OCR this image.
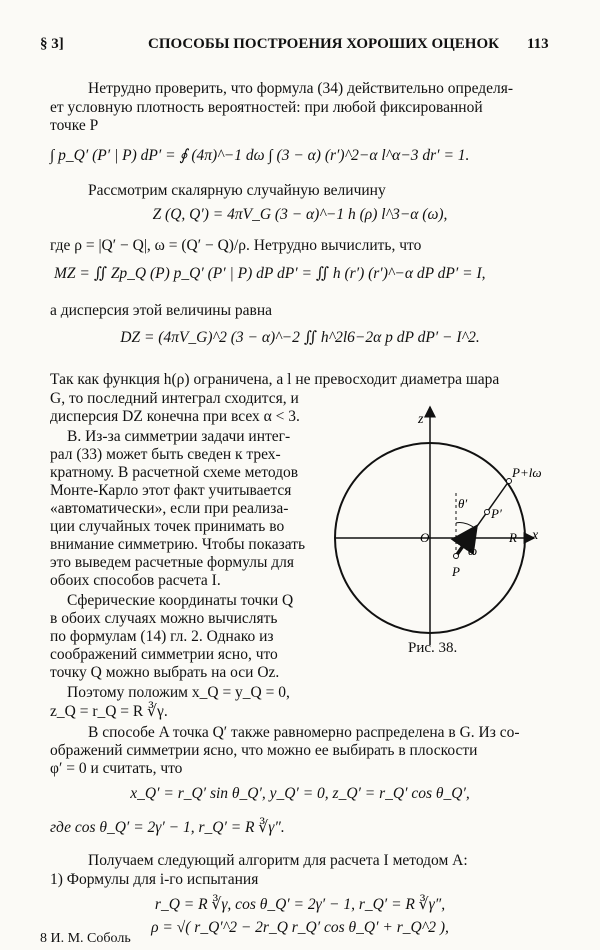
§ 3]	СПОСОБЫ ПОСТРОЕНИЯ ХОРОШИХ ОЦЕНОК 113
Нетрудно проверить, что формула (34) действительно определя-
ет условную плотность вероятностей: при любой фиксированной
точке P
∫ p_Q′ (P′ | P) dP′ = ∮ (4π)^−1 dω ∫ (3 − α) (r′)^2−α l^α−3 dr′ = 1.
Рассмотрим скалярную случайную величину
Z (Q, Q′) = 4πV_G (3 − α)^−1 h (ρ) l^3−α (ω),
где ρ = |Q′ − Q|, ω = (Q′ − Q)/ρ. Нетрудно вычислить, что
MZ = ∬ Zp_Q (P) p_Q′ (P′ | P) dP dP′ = ∬ h (r′) (r′)^−α dP dP′ = I,
а дисперсия этой величины равна
DZ = (4πV_G)^2 (3 − α)^−2 ∬ h^2l6−2α p dP dP′ − I^2.
Так как функция h(ρ) ограничена, а l не превосходит диаметра шара
G, то последний интеграл сходится, и
дисперсия DZ конечна при всех α < 3.
В. Из-за симметрии задачи интег-
рал (33) может быть сведен к трех-
кратному. В расчетной схеме методов
Монте-Карло этот факт учитывается
«автоматически», если при реализа-
ции случайных точек принимать во
внимание симметрию. Чтобы показать
это выведем расчетные формулы для
обоих способов расчета I.
Сферические координаты точки Q
в обоих случаях можно вычислять
по формулам (14) гл. 2. Однако из
соображений симметрии ясно, что
точку Q можно выбрать на оси Oz.
Поэтому положим x_Q = y_Q = 0,
z_Q = r_Q = R ∛γ.
В способе A точка Q′ также равномерно распределена в G. Из со-
ображений симметрии ясно, что можно ее выбирать в плоскости
φ′ = 0 и считать, что
x_Q′ = r_Q′ sin θ_Q′, y_Q′ = 0, z_Q′ = r_Q′ cos θ_Q′,
где cos θ_Q′ = 2γ′ − 1, r_Q′ = R ∛γ″.
Получаем следующий алгоритм для расчета I методом А:
1) Формулы для i-го испытания
r_Q = R ∛γ, cos θ_Q′ = 2γ′ − 1, r_Q′ = R ∛γ″,
ρ = √( r_Q′^2 − 2r_Q r_Q′ cos θ_Q′ + r_Q^2 ),
8 И. М. Соболь
z
x
O	R
P
P′
P+lω
θ′
ω
Рис. 38.
